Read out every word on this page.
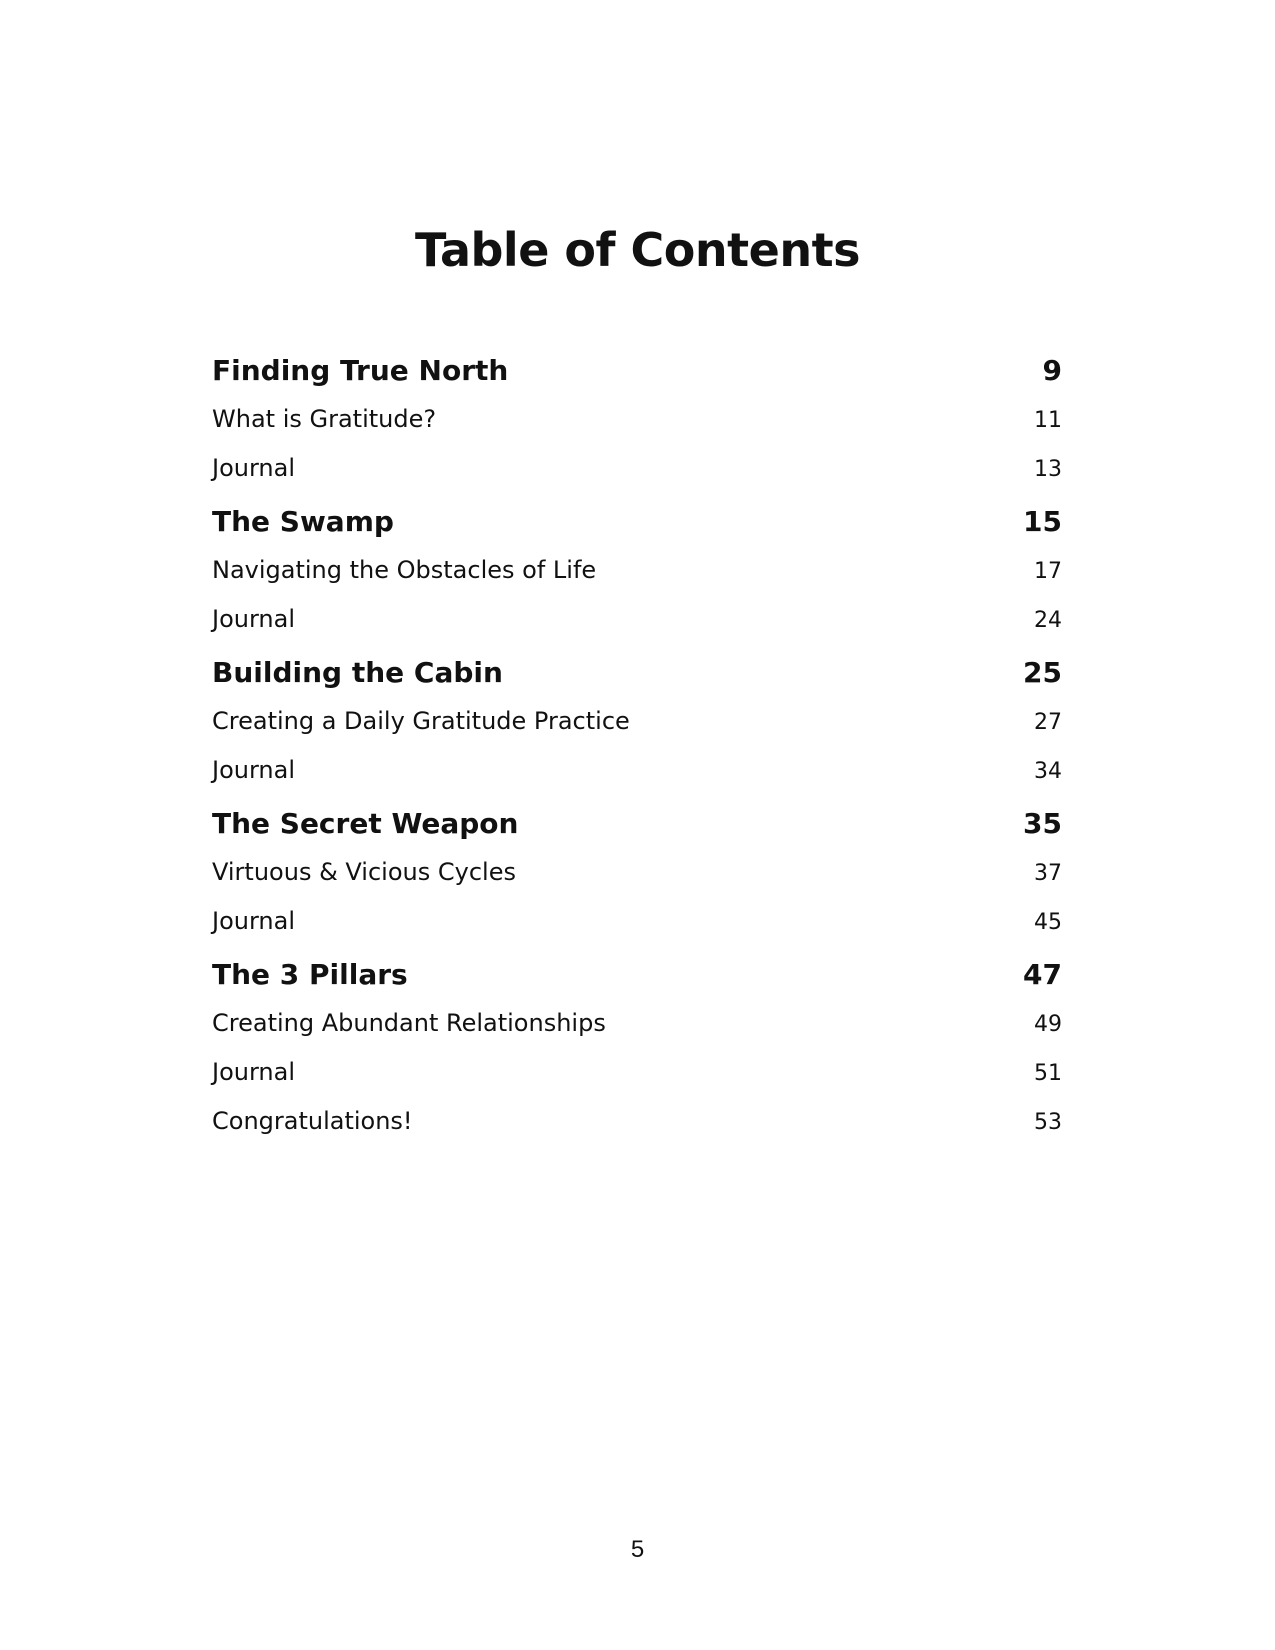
Table of Contents
Finding True North	9
What is Gratitude?	11
Journal	13
The Swamp	15
Navigating the Obstacles of Life	17
Journal	24
Building the Cabin	25
Creating a Daily Gratitude Practice	27
Journal	34
The Secret Weapon	35
Virtuous & Vicious Cycles	37
Journal	45
The 3 Pillars	47
Creating Abundant Relationships	49
Journal	51
Congratulations!	53
5
